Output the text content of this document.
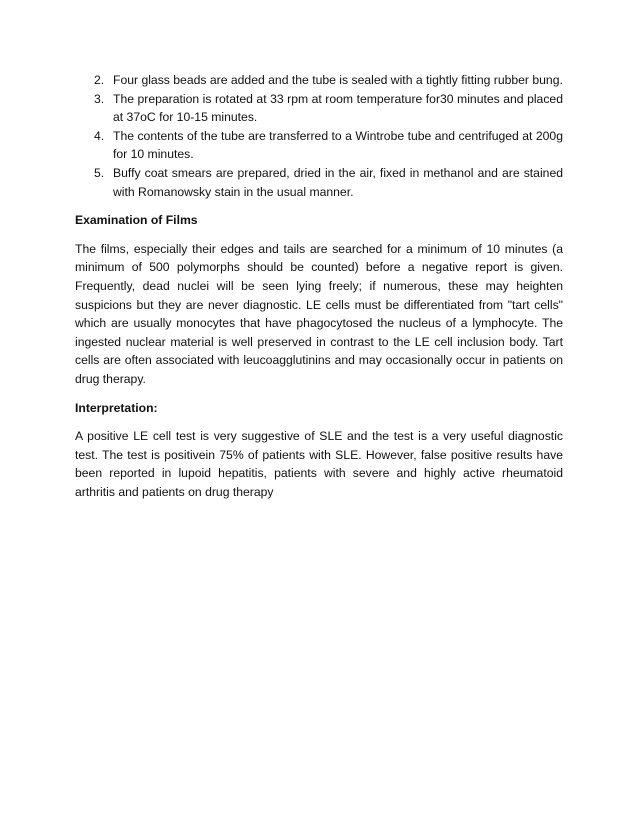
2. Four glass beads are added and the tube is sealed with a tightly fitting rubber bung.
3. The preparation is rotated at 33 rpm at room temperature for30 minutes and placed at 37oC for 10-15 minutes.
4. The contents of the tube are transferred to a Wintrobe tube and centrifuged at 200g for 10 minutes.
5. Buffy coat smears are prepared, dried in the air, fixed in methanol and are stained with Romanowsky stain in the usual manner.
Examination of Films

The films, especially their edges and tails are searched for a minimum of 10 minutes (a minimum of 500 polymorphs should be counted) before a negative report is given. Frequently, dead nuclei will be seen lying freely; if numerous, these may heighten suspicions but they are never diagnostic. LE cells must be differentiated from "tart cells" which are usually monocytes that have phagocytosed the nucleus of a lymphocyte. The ingested nuclear material is well preserved in contrast to the LE cell inclusion body. Tart cells are often associated with leucoagglutinins and may occasionally occur in patients on drug therapy.

Interpretation:

A positive LE cell test is very suggestive of SLE and the test is a very useful diagnostic test. The test is positivein 75% of patients with SLE. However, false positive results have been reported in lupoid hepatitis, patients with severe and highly active rheumatoid arthritis and patients on drug therapy
